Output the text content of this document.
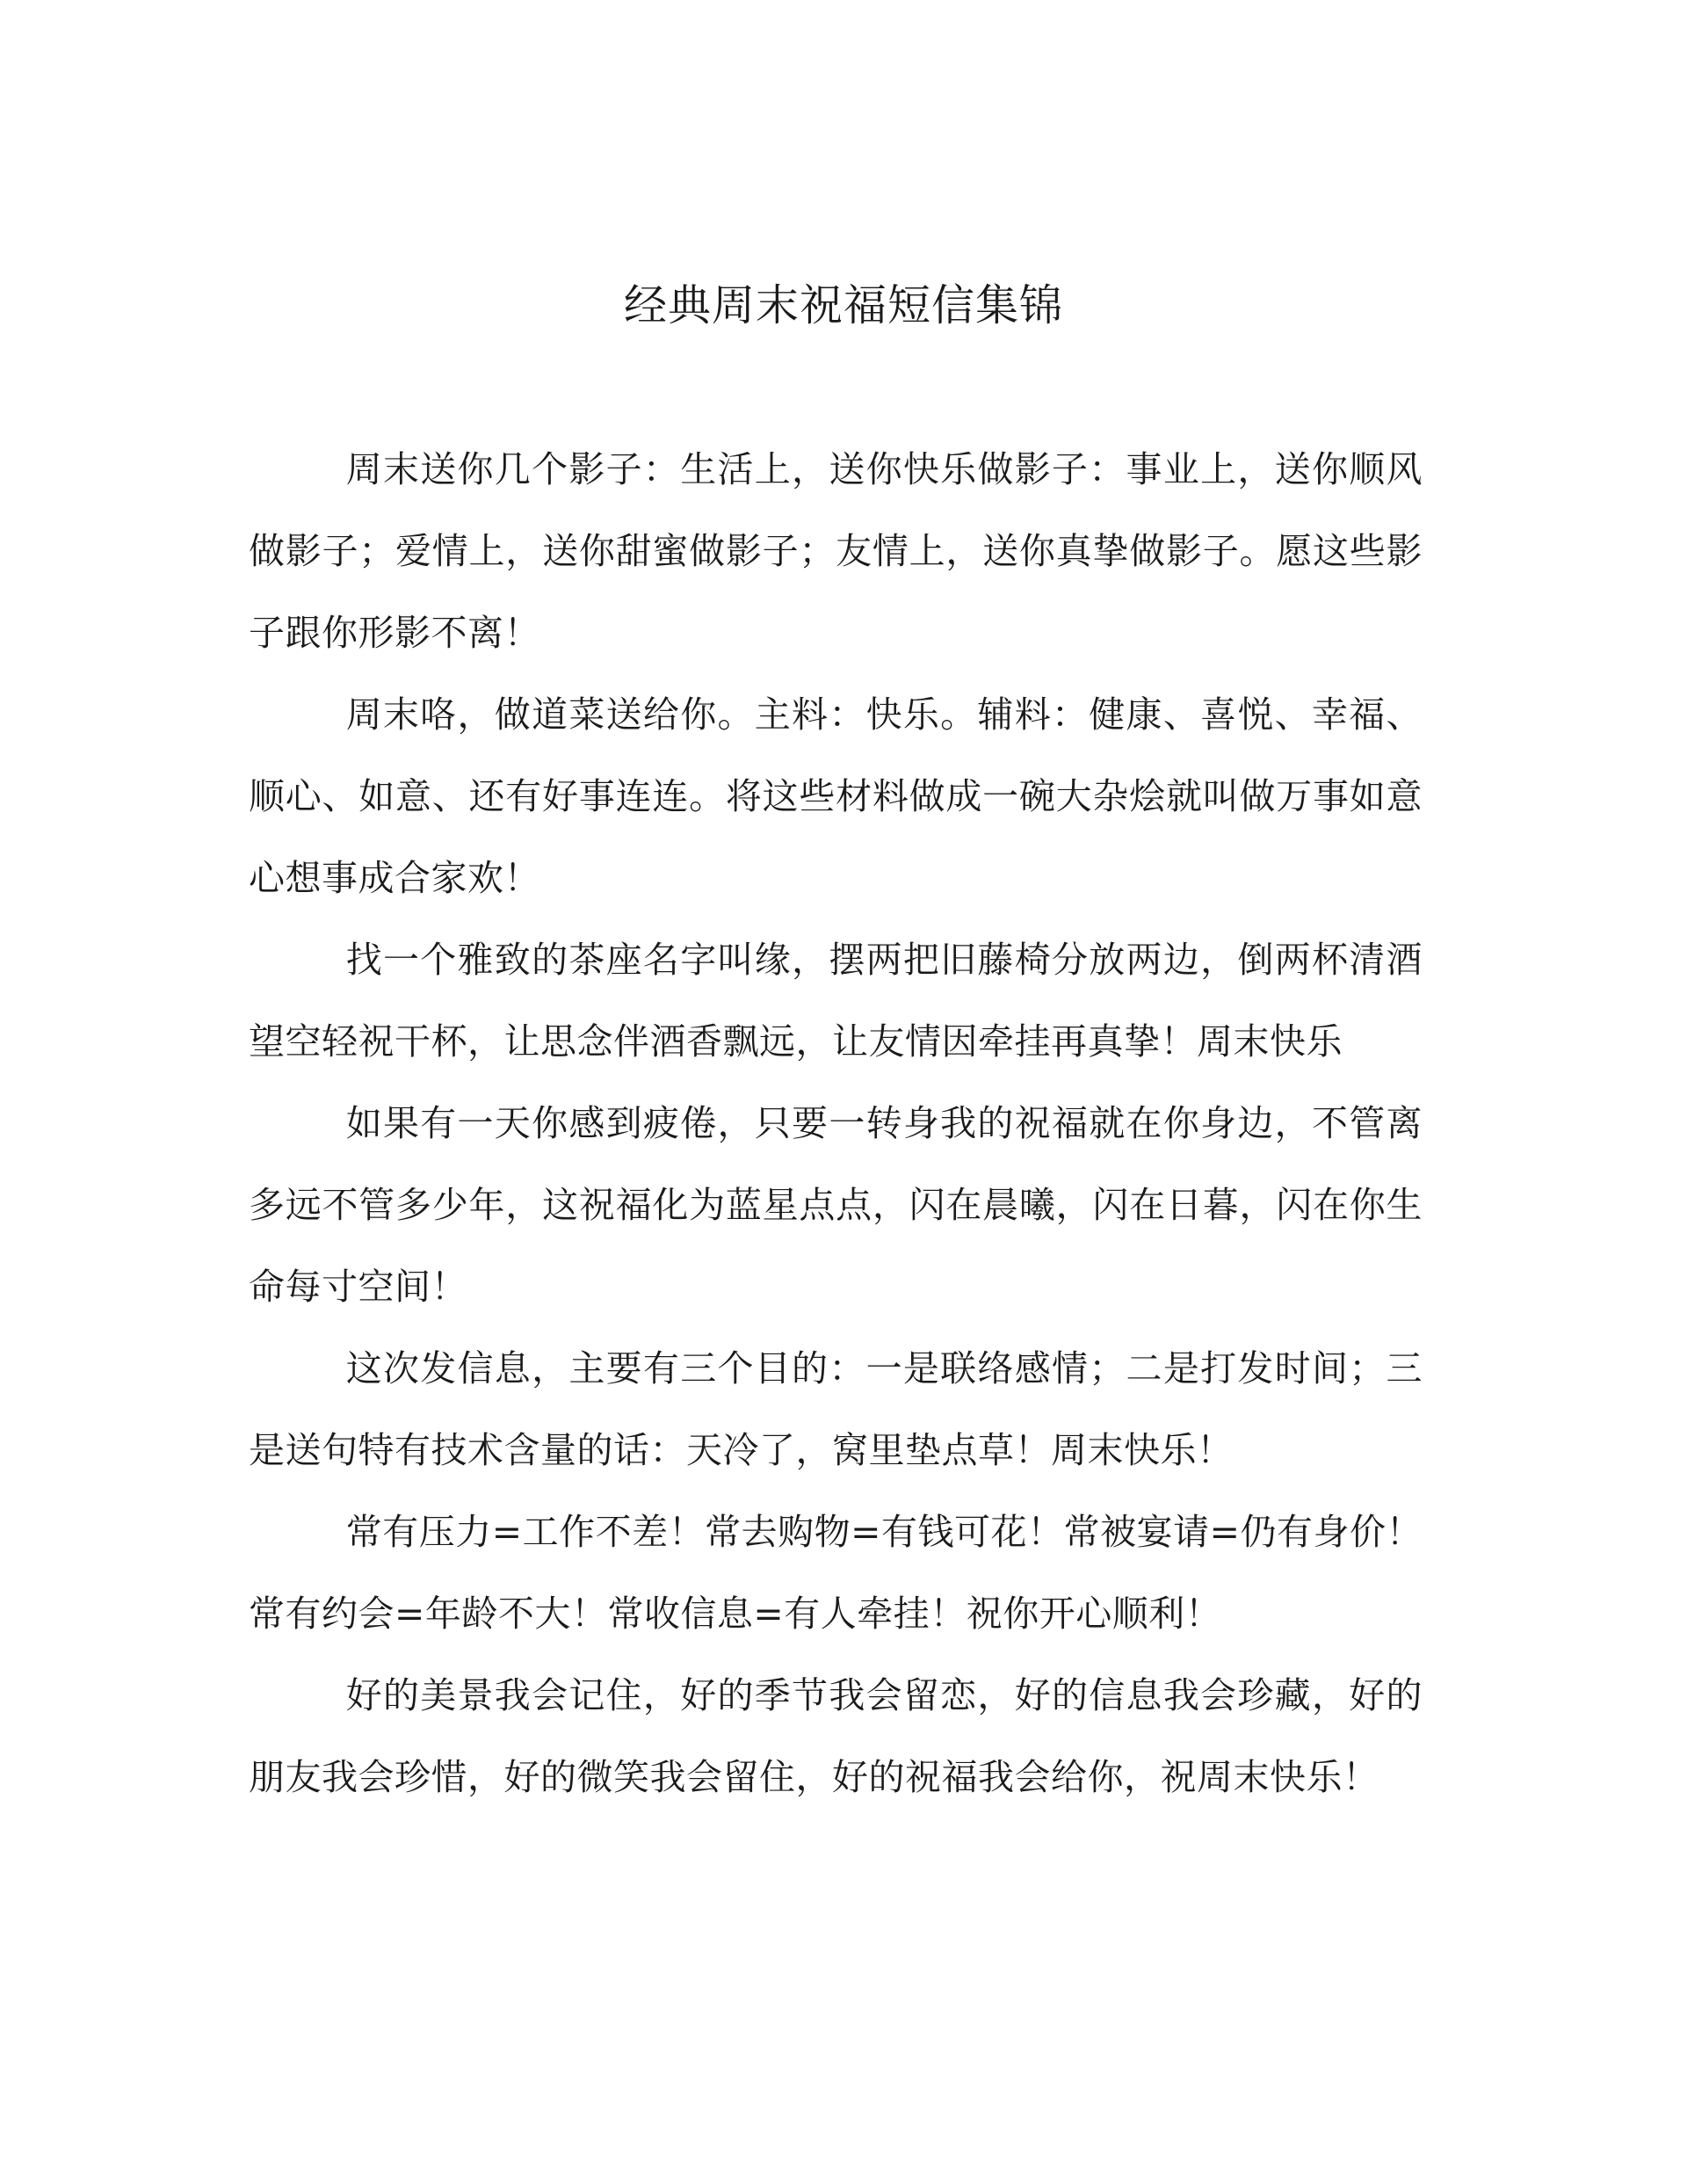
经典周末祝福短信集锦

周末送你几个影子：生活上，送你快乐做影子：事业上，送你顺风做影子；爱情上，送你甜蜜做影子；友情上，送你真挚做影子。愿这些影子跟你形影不离！

周末咯，做道菜送给你。主料：快乐。辅料：健康、喜悦、幸福、顺心、如意、还有好事连连。将这些材料做成一碗大杂烩就叫做万事如意心想事成合家欢！

找一个雅致的茶座名字叫缘，摆两把旧藤椅分放两边，倒两杯清酒望空轻祝干杯，让思念伴酒香飘远，让友情因牵挂再真挚！周末快乐

如果有一天你感到疲倦，只要一转身我的祝福就在你身边，不管离多远不管多少年，这祝福化为蓝星点点，闪在晨曦，闪在日暮，闪在你生命每寸空间！

这次发信息，主要有三个目的：一是联络感情；二是打发时间；三是送句特有技术含量的话：天冷了，窝里垫点草！周末快乐！

常有压力=工作不差！常去购物=有钱可花！常被宴请=仍有身价！常有约会=年龄不大！常收信息=有人牵挂！祝你开心顺利！

好的美景我会记住，好的季节我会留恋，好的信息我会珍藏，好的朋友我会珍惜，好的微笑我会留住，好的祝福我会给你，祝周末快乐！
